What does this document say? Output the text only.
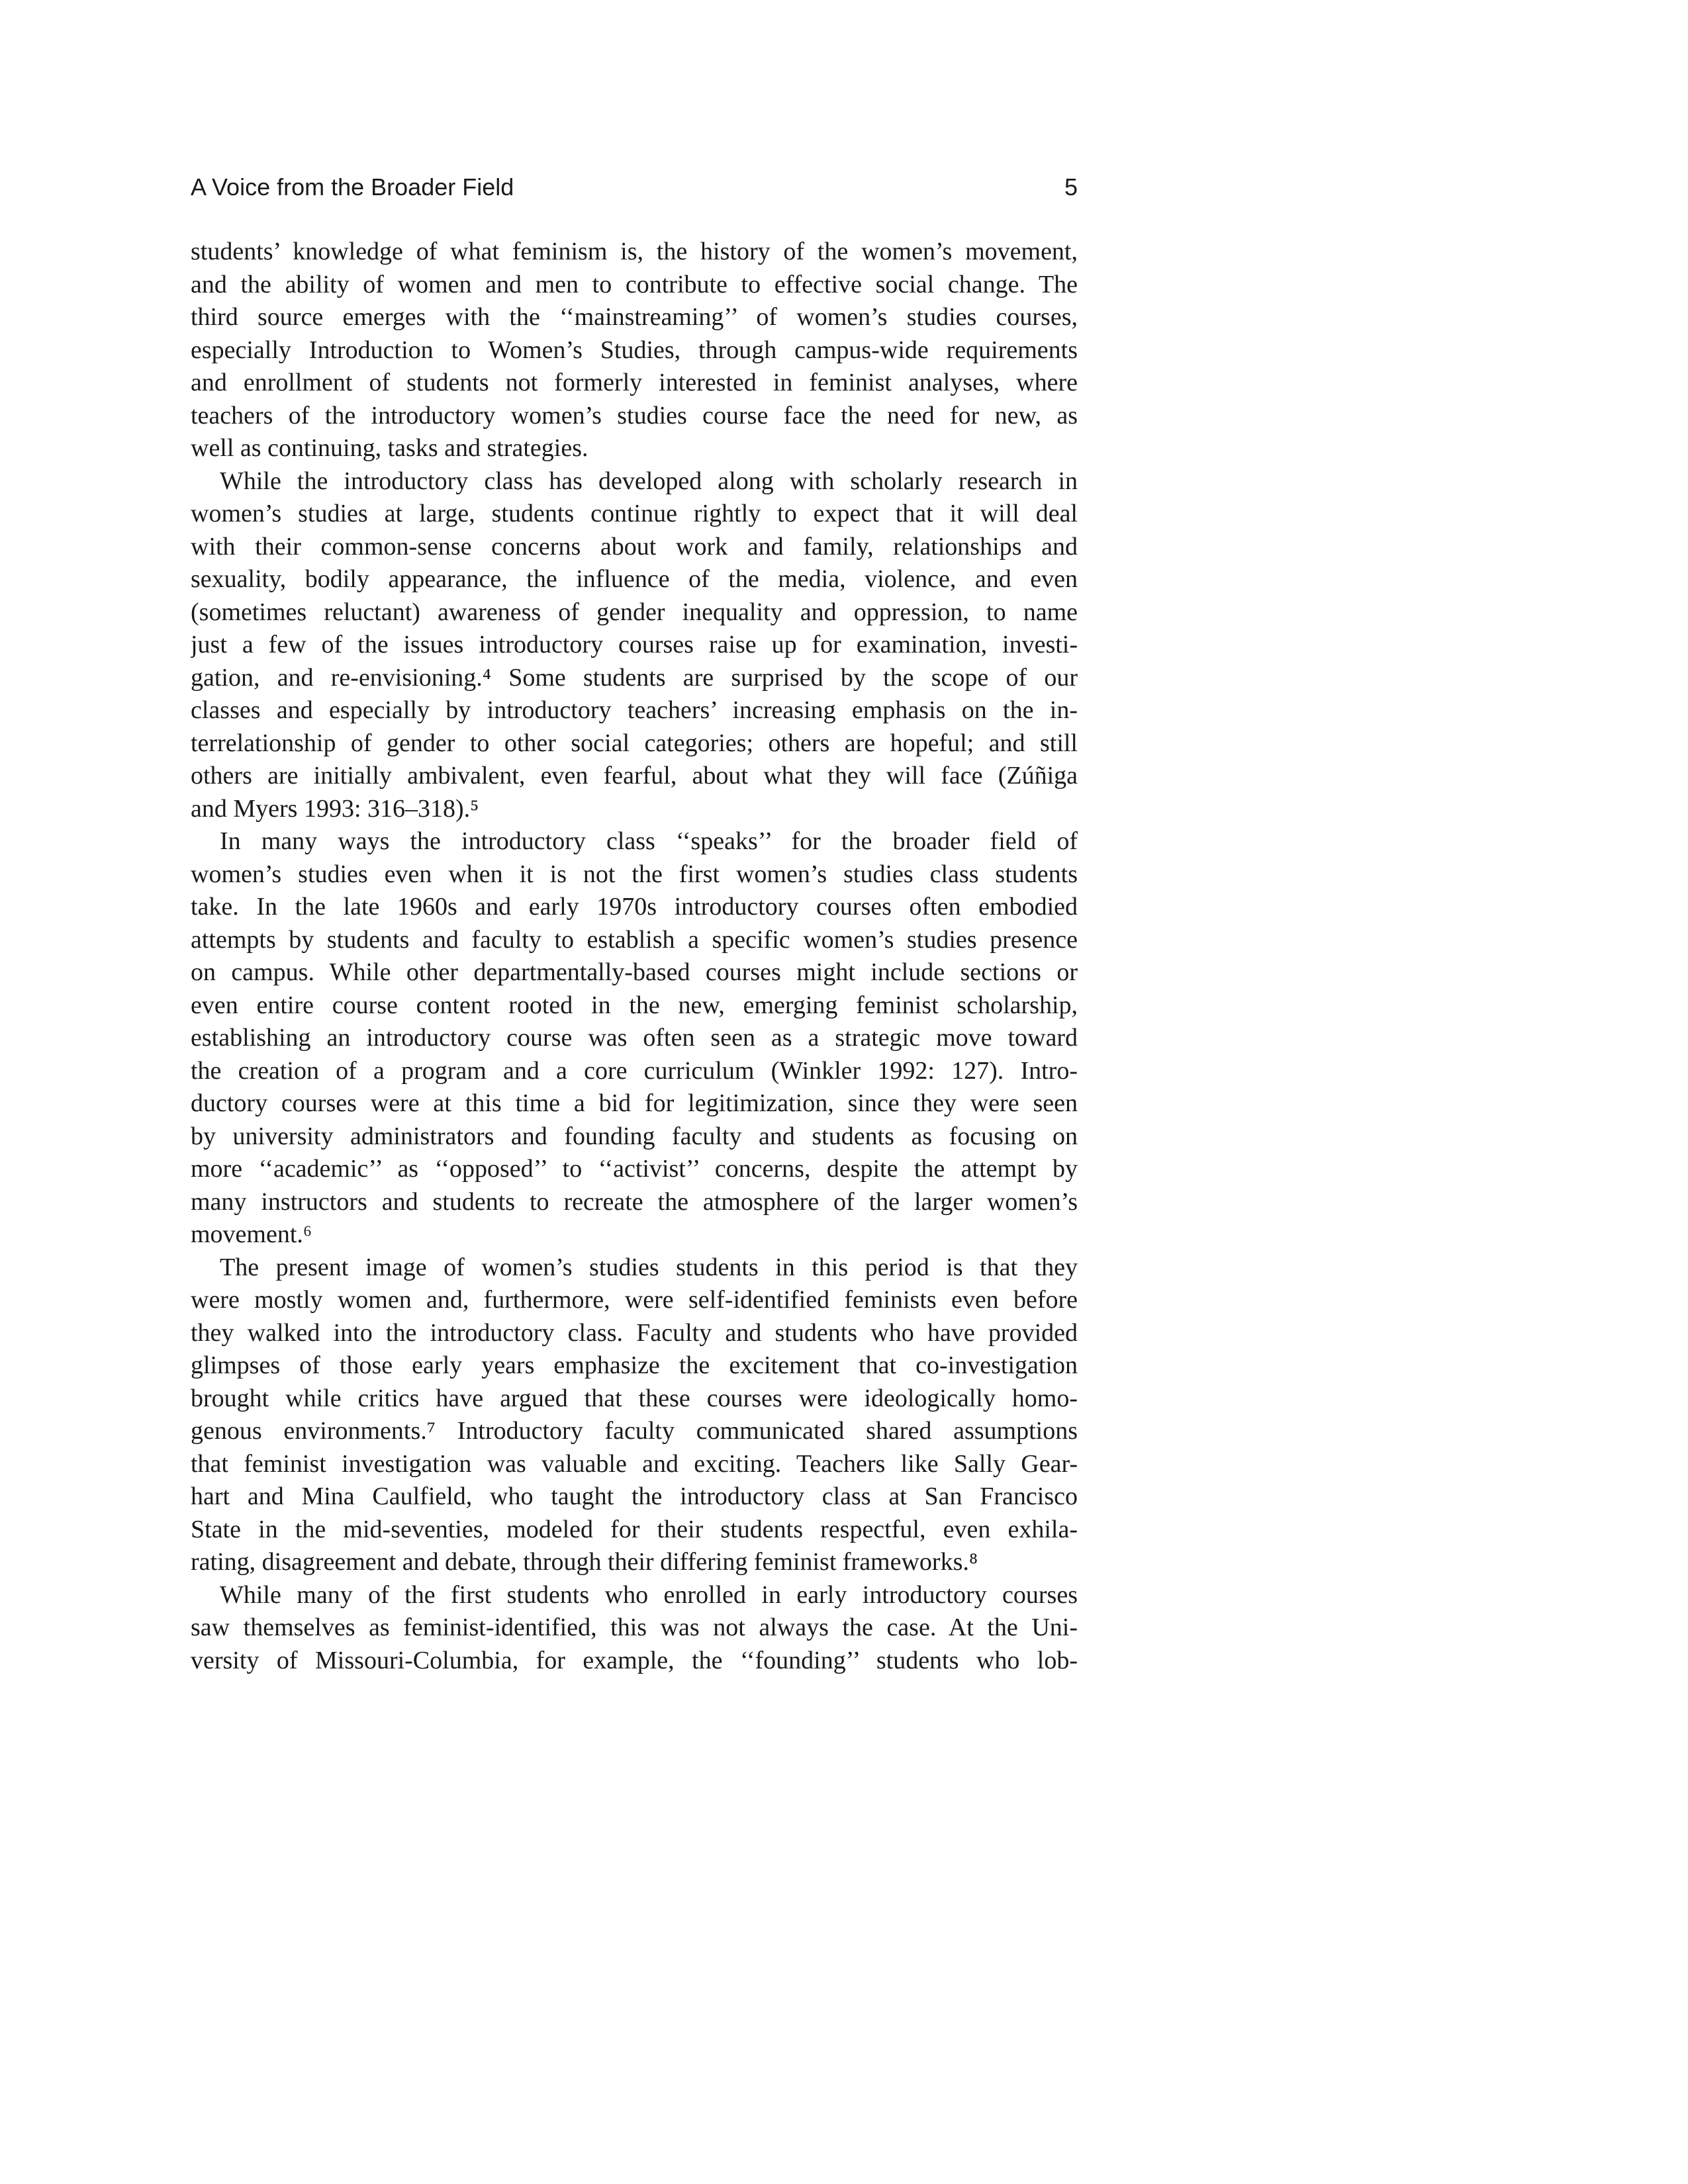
A Voice from the Broader Field	5
students’ knowledge of what feminism is, the history of the women’s movement,
and the ability of women and men to contribute to effective social change. The
third source emerges with the ‘‘mainstreaming’’ of women’s studies courses,
especially Introduction to Women’s Studies, through campus-wide requirements
and enrollment of students not formerly interested in feminist analyses, where
teachers of the introductory women’s studies course face the need for new, as
well as continuing, tasks and strategies.
While the introductory class has developed along with scholarly research in
women’s studies at large, students continue rightly to expect that it will deal
with their common-sense concerns about work and family, relationships and
sexuality, bodily appearance, the influence of the media, violence, and even
(sometimes reluctant) awareness of gender inequality and oppression, to name
just a few of the issues introductory courses raise up for examination, investi-
gation, and re-envisioning.⁴ Some students are surprised by the scope of our
classes and especially by introductory teachers’ increasing emphasis on the in-
terrelationship of gender to other social categories; others are hopeful; and still
others are initially ambivalent, even fearful, about what they will face (Zúñiga
and Myers 1993: 316–318).⁵
In many ways the introductory class ‘‘speaks’’ for the broader field of
women’s studies even when it is not the first women’s studies class students
take. In the late 1960s and early 1970s introductory courses often embodied
attempts by students and faculty to establish a specific women’s studies presence
on campus. While other departmentally-based courses might include sections or
even entire course content rooted in the new, emerging feminist scholarship,
establishing an introductory course was often seen as a strategic move toward
the creation of a program and a core curriculum (Winkler 1992: 127). Intro-
ductory courses were at this time a bid for legitimization, since they were seen
by university administrators and founding faculty and students as focusing on
more ‘‘academic’’ as ‘‘opposed’’ to ‘‘activist’’ concerns, despite the attempt by
many instructors and students to recreate the atmosphere of the larger women’s
movement.⁶
The present image of women’s studies students in this period is that they
were mostly women and, furthermore, were self-identified feminists even before
they walked into the introductory class. Faculty and students who have provided
glimpses of those early years emphasize the excitement that co-investigation
brought while critics have argued that these courses were ideologically homo-
genous environments.⁷ Introductory faculty communicated shared assumptions
that feminist investigation was valuable and exciting. Teachers like Sally Gear-
hart and Mina Caulfield, who taught the introductory class at San Francisco
State in the mid-seventies, modeled for their students respectful, even exhila-
rating, disagreement and debate, through their differing feminist frameworks.⁸
While many of the first students who enrolled in early introductory courses
saw themselves as feminist-identified, this was not always the case. At the Uni-
versity of Missouri-Columbia, for example, the ‘‘founding’’ students who lob-
